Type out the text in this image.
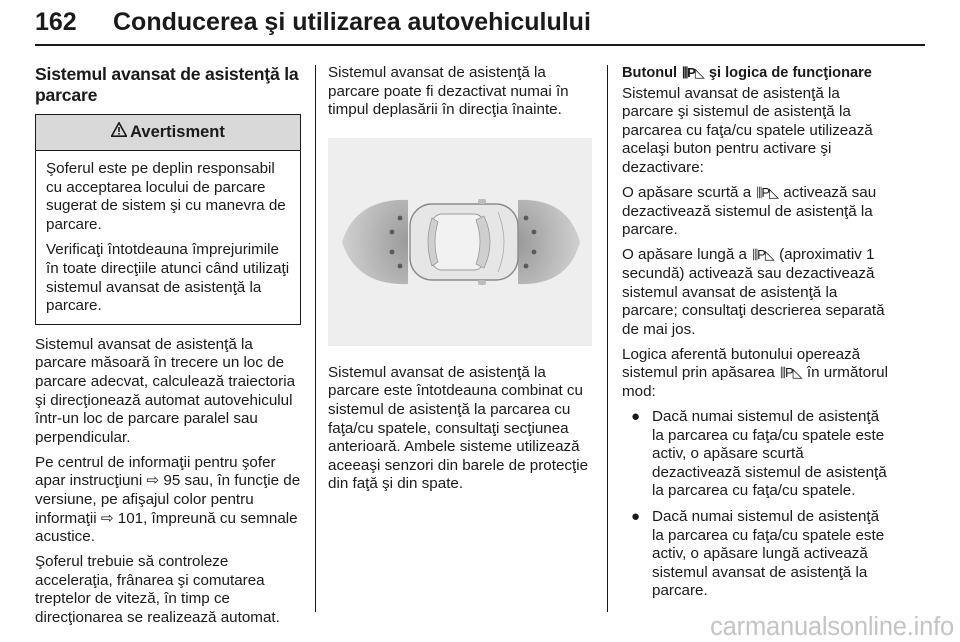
162 Conducerea şi utilizarea autovehiculului
Sistemul avansat de asistenţă la parcare
Avertisment

Şoferul este pe deplin responsabil cu acceptarea locului de parcare sugerat de sistem şi cu manevra de parcare.

Verificaţi întotdeauna împrejurimile în toate direcţiile atunci când utilizaţi sistemul avansat de asistenţă la parcare.

Sistemul avansat de asistenţă la parcare măsoară în trecere un loc de parcare adecvat, calculează traiectoria şi direcţionează automat autovehiculul într-un loc de parcare paralel sau perpendicular.

Pe centrul de informaţii pentru şofer apar instrucţiuni ⇨ 95 sau, în funcţie de versiune, pe afişajul color pentru informaţii ⇨ 101, împreună cu semnale acustice.

Şoferul trebuie să controleze acceleraţia, frânarea şi comutarea treptelor de viteză, în timp ce direcţionarea se realizează automat.

Sistemul avansat de asistenţă la parcare poate fi dezactivat numai în timpul deplasării în direcţia înainte.

Sistemul avansat de asistenţă la parcare este întotdeauna combinat cu sistemul de asistenţă la parcarea cu faţa/cu spatele, consultaţi secţiunea anterioară. Ambele sisteme utilizează aceeaşi senzori din barele de protecţie din faţă şi din spate.

Butonul ⫼P◺ şi logica de funcţionare

Sistemul avansat de asistenţă la parcare şi sistemul de asistenţă la parcarea cu faţa/cu spatele utilizează acelaşi buton pentru activare şi dezactivare:

O apăsare scurtă a ⫼P◺ activează sau dezactivează sistemul de asistenţă la parcare.

O apăsare lungă a ⫼P◺ (aproximativ 1 secundă) activează sau dezactivează sistemul avansat de asistenţă la parcare; consultaţi descrierea separată de mai jos.

Logica aferentă butonului operează sistemul prin apăsarea ⫼P◺ în următorul mod:

● Dacă numai sistemul de asistenţă la parcarea cu faţa/cu spatele este activ, o apăsare scurtă dezactivează sistemul de asistenţă la parcarea cu faţa/cu spatele.
● Dacă numai sistemul de asistenţă la parcarea cu faţa/cu spatele este activ, o apăsare lungă activează sistemul avansat de asistenţă la parcare.
carmanualsonline.info
